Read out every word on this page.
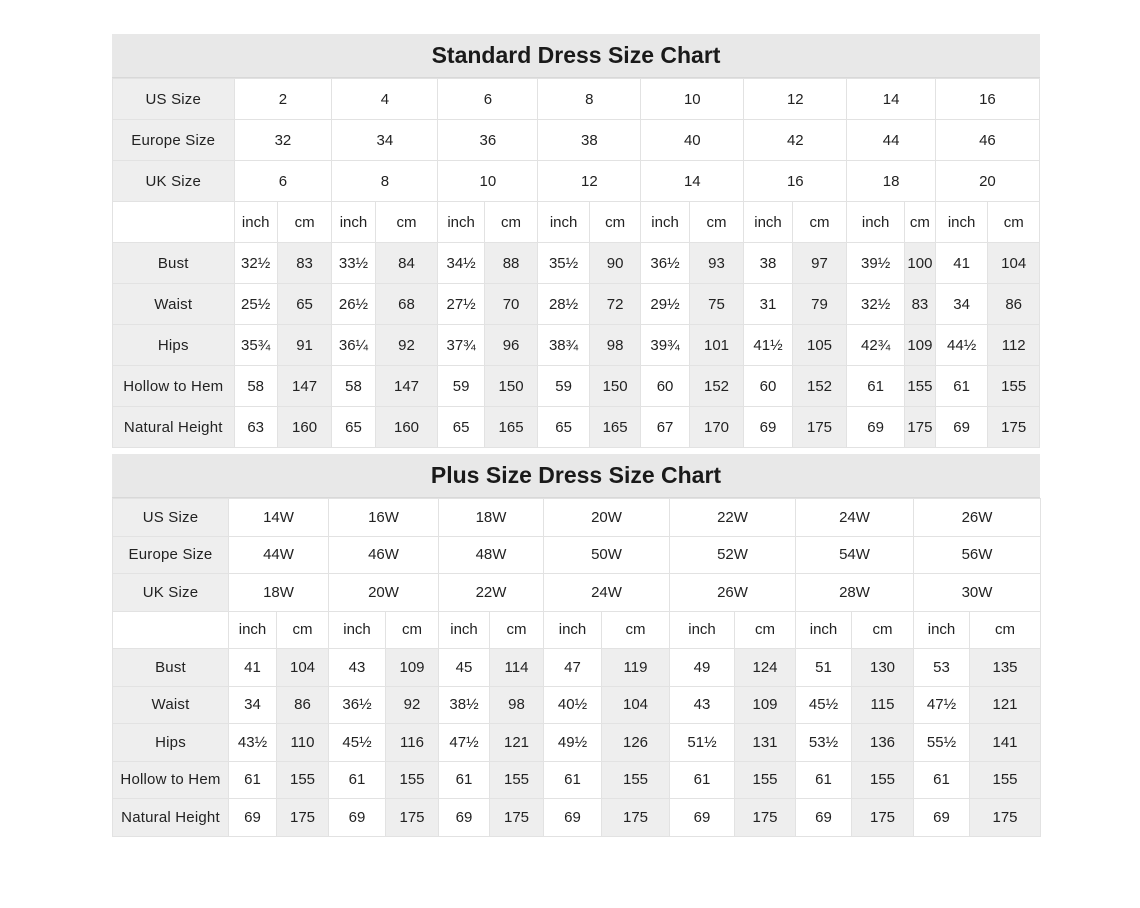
Standard Dress Size Chart
US Size	2		4		6		8		10		12		14		16	
Europe Size	32		34		36		38		40		42		44		46	
UK Size	6		8		10		12		14		16		18		20	
	inch	cm	inch	cm	inch	cm	inch	cm	inch	cm	inch	cm	inch	cm	inch	cm
Bust	32½	83	33½	84	34½	88	35½	90	36½	93	38	97	39½	100	41	104
Waist	25½	65	26½	68	27½	70	28½	72	29½	75	31	79	32½	83	34	86
Hips	35¾	91	36¼	92	37¾	96	38¾	98	39¾	101	41½	105	42¾	109	44½	112
Hollow to Hem	58	147	58	147	59	150	59	150	60	152	60	152	61	155	61	155
Natural Height	63	160	65	160	65	165	65	165	67	170	69	175	69	175	69	175
Plus Size Dress Size Chart
US Size	14W		16W		18W		20W		22W		24W		26W	
Europe Size	44W		46W		48W		50W		52W		54W		56W	
UK Size	18W		20W		22W		24W		26W		28W		30W	
	inch	cm	inch	cm	inch	cm	inch	cm	inch	cm	inch	cm	inch	cm
Bust	41	104	43	109	45	114	47	119	49	124	51	130	53	135
Waist	34	86	36½	92	38½	98	40½	104	43	109	45½	115	47½	121
Hips	43½	110	45½	116	47½	121	49½	126	51½	131	53½	136	55½	141
Hollow to Hem	61	155	61	155	61	155	61	155	61	155	61	155	61	155
Natural Height	69	175	69	175	69	175	69	175	69	175	69	175	69	175
